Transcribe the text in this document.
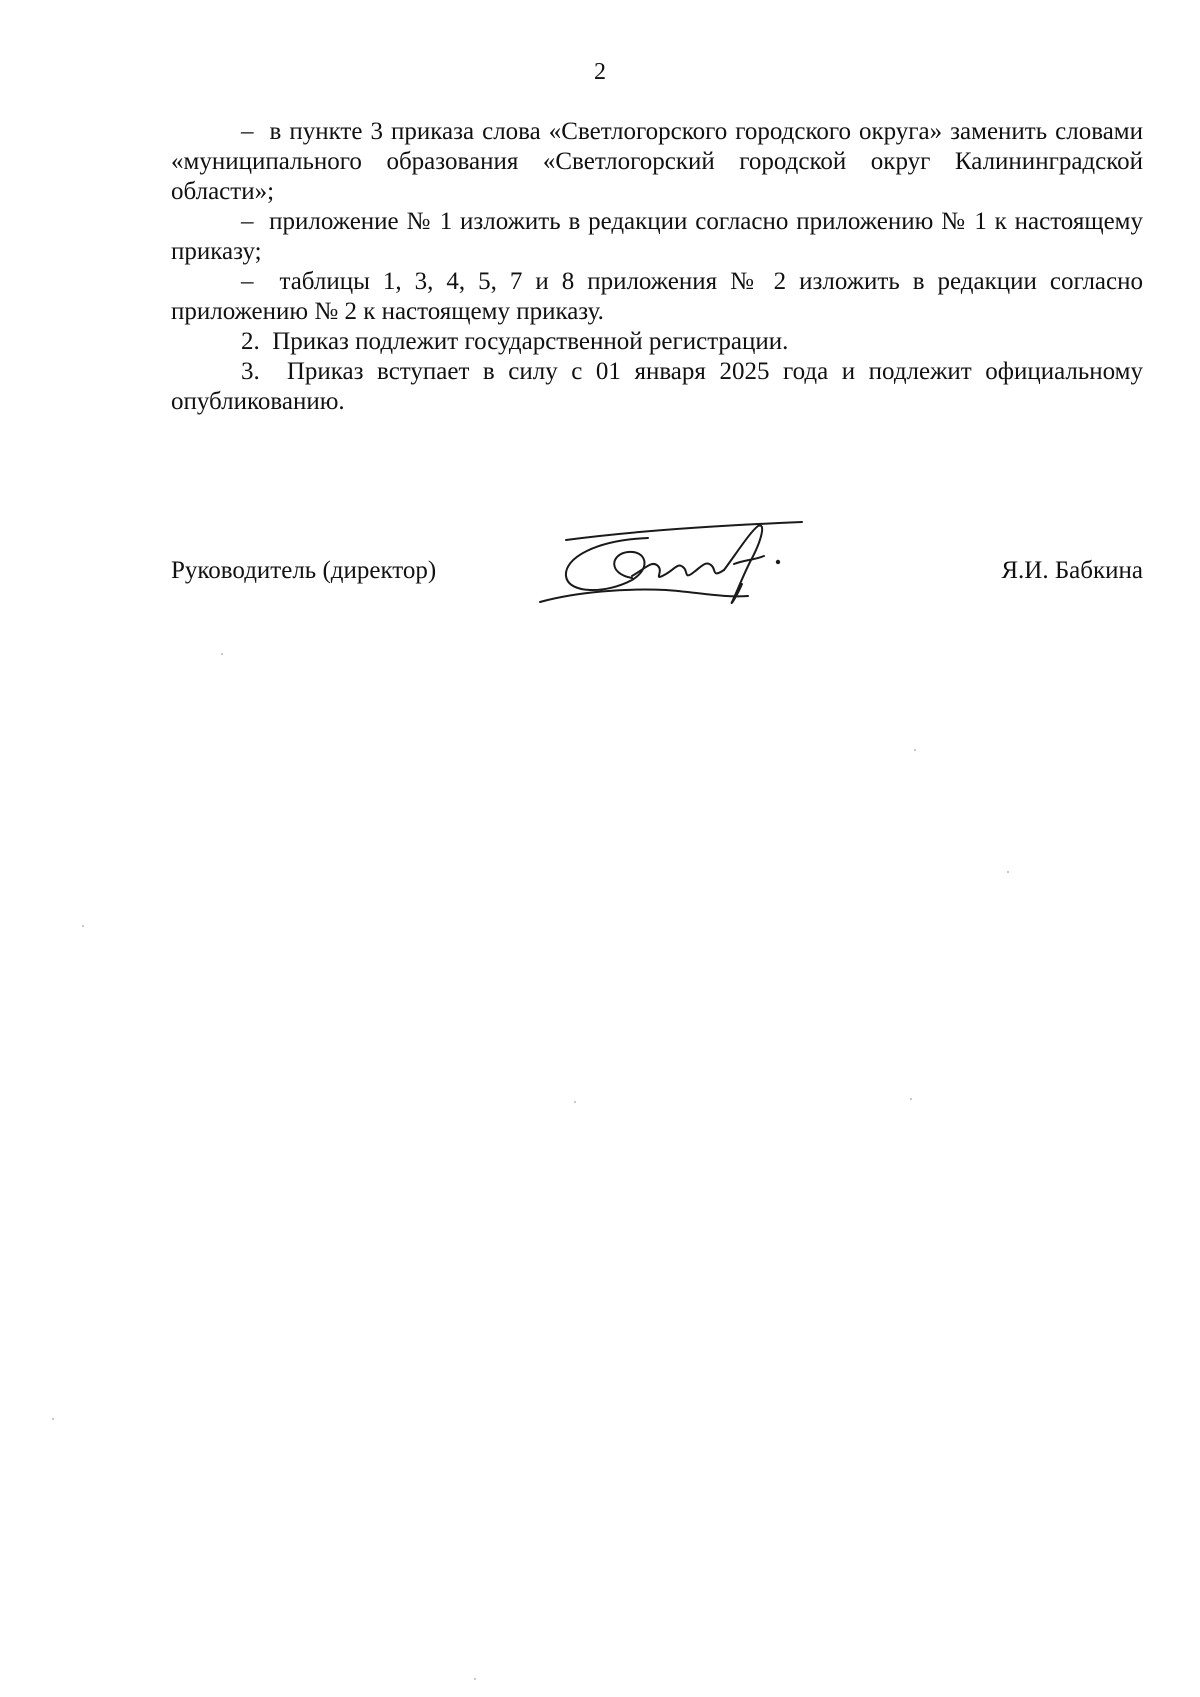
2

–  в пункте 3 приказа слова «Светлогорского городского округа» заменить словами «муниципального образования «Светлогорский городской округ Калининградской области»;

–  приложение № 1 изложить в редакции согласно приложению № 1 к настоящему приказу;

–  таблицы 1, 3, 4, 5, 7 и 8 приложения № 2 изложить в редакции согласно приложению № 2 к настоящему приказу.

2.  Приказ подлежит государственной регистрации.

3.  Приказ вступает в силу с 01 января 2025 года и подлежит официальному опубликованию.

Руководитель (директор)	Я.И. Бабкина
